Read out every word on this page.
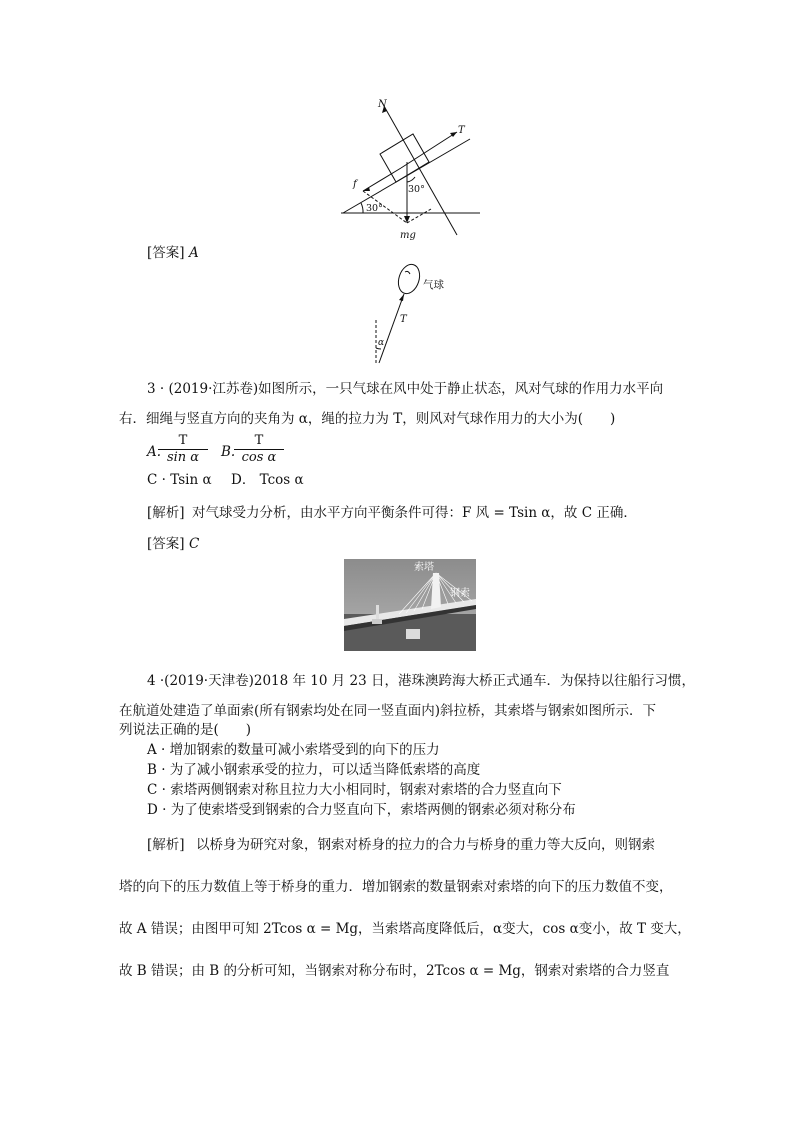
N
T
f
mg
30°
30°
[答案] A
气球
T
α
3 · (2019·江苏卷)如图所示，一只气球在风中处于静止状态，风对气球的作用力水平向
右．细绳与竖直方向的夹角为 α，绳的拉力为 T，则风对气球作用力的大小为(　　)
A.
T
sin α	B.
T
cos α
C · Tsin α D． Tcos α
[解析] 对气球受力分析，由水平方向平衡条件可得：F 风 = Tsin α，故 C 正确．
[答案] C
索塔
钢索
4 ·(2019·天津卷)2018 年 10 月 23 日，港珠澳跨海大桥正式通车．为保持以往船行习惯，
在航道处建造了单面索(所有钢索均处在同一竖直面内)斜拉桥，其索塔与钢索如图所示．下
列说法正确的是(　　)
A · 增加钢索的数量可减小索塔受到的向下的压力
B · 为了减小钢索承受的拉力，可以适当降低索塔的高度
C · 索塔两侧钢索对称且拉力大小相同时，钢索对索塔的合力竖直向下
D · 为了使索塔受到钢索的合力竖直向下，索塔两侧的钢索必须对称分布
[解析] 以桥身为研究对象，钢索对桥身的拉力的合力与桥身的重力等大反向，则钢索
塔的向下的压力数值上等于桥身的重力．增加钢索的数量钢索对索塔的向下的压力数值不变，
故 A 错误；由图甲可知 2Tcos α = Mg，当索塔高度降低后，α变大，cos α变小，故 T 变大，
故 B 错误；由 B 的分析可知，当钢索对称分布时，2Tcos α = Mg，钢索对索塔的合力竖直
